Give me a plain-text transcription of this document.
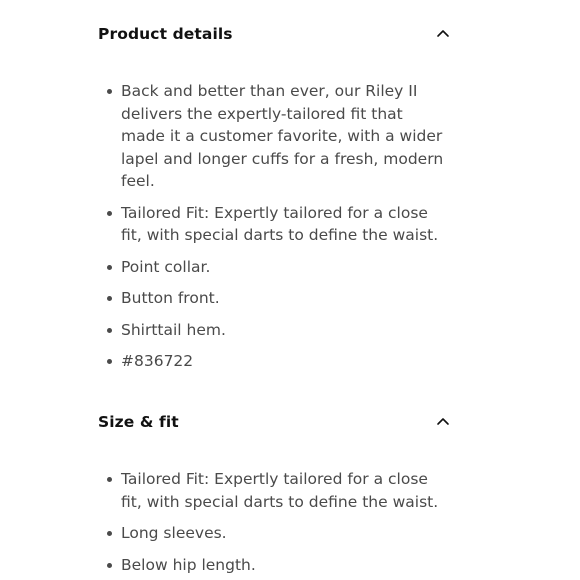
Product details
Back and better than ever, our Riley II delivers the expertly-tailored fit that made it a customer favorite, with a wider lapel and longer cuffs for a fresh, modern feel.
Tailored Fit: Expertly tailored for a close fit, with special darts to define the waist.
Point collar.
Button front.
Shirttail hem.
#836722
Size & fit
Tailored Fit: Expertly tailored for a close fit, with special darts to define the waist.
Long sleeves.
Below hip length.
